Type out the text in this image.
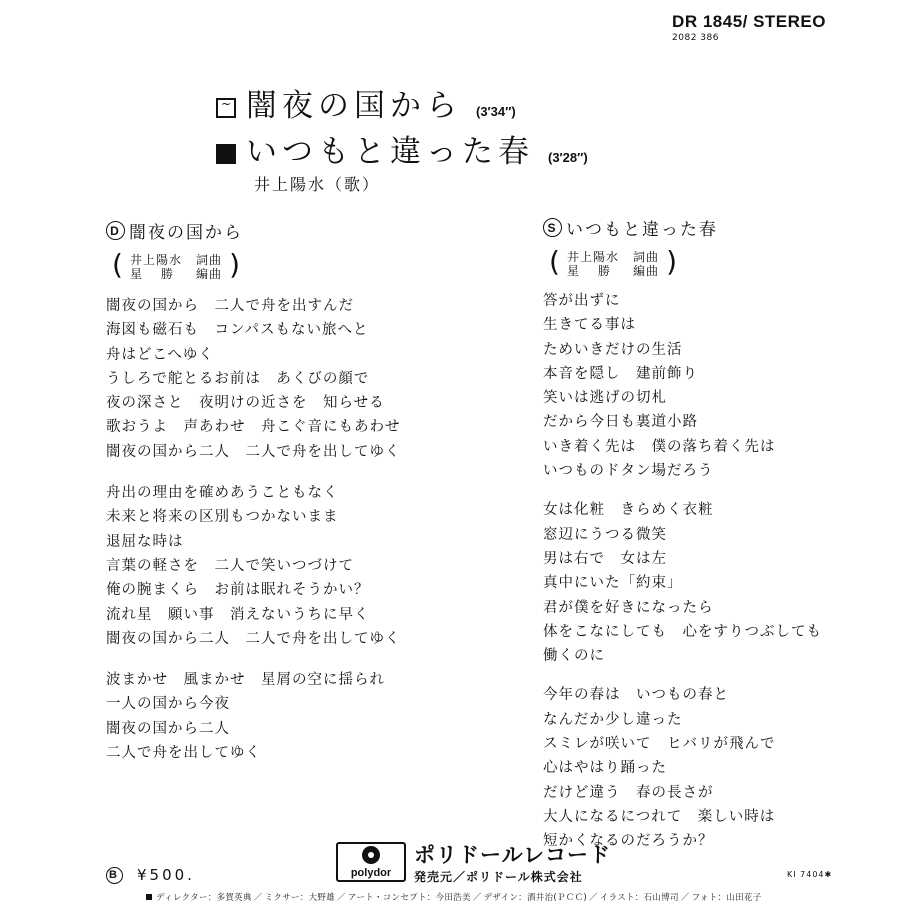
DR 1845/ STEREO
2082 386
~
闇夜の国から (3′34″)
いつもと違った春 (3′28″)
井上陽水（歌）
D 闇夜の国から
( 井上陽水 詞曲
星　 勝 編曲
)
闇夜の国から　二人で舟を出すんだ
海図も磁石も　コンパスもない旅へと
舟はどこへゆく
うしろで舵とるお前は　あくびの顔で
夜の深さと　夜明けの近さを　知らせる
歌おうよ　声あわせ　舟こぐ音にもあわせ
闇夜の国から二人　二人で舟を出してゆく
舟出の理由を確めあうこともなく
未来と将来の区別もつかないまま
退屈な時は
言葉の軽さを　二人で笑いつづけて
俺の腕まくら　お前は眠れそうかい？
流れ星　願い事　消えないうちに早く
闇夜の国から二人　二人で舟を出してゆく
波まかせ　風まかせ　星屑の空に揺られ
一人の国から今夜
闇夜の国から二人
二人で舟を出してゆく
S いつもと違った春
( 井上陽水 詞曲
星　 勝 編曲
)
答が出ずに
生きてる事は
ためいきだけの生活
本音を隠し　建前飾り
笑いは逃げの切札
だから今日も裏道小路
いき着く先は　僕の落ち着く先は
いつものドタン場だろう
女は化粧　きらめく衣粧
窓辺にうつる微笑
男は右で　女は左
真中にいた「約束」
君が僕を好きになったら
体をこなにしても　心をすりつぶしても
働くのに
今年の春は　いつもの春と
なんだか少し違った
スミレが咲いて　ヒバリが飛んで
心はやはり踊った
だけど違う　春の長さが
大人になるにつれて　楽しい時は
短かくなるのだろうか？
B ¥500.	polydor
ポリドールレコード
発売元／ポリドール株式会社	KI 7404✱
ディレクター：多賀英典 ／ ミクサー：大野雄 ／ アート・コンセプト：今田浩美 ／ デザイン：酒井治(ＰＣＣ) ／ イラスト：石山博司 ／ フォト：山田花子
